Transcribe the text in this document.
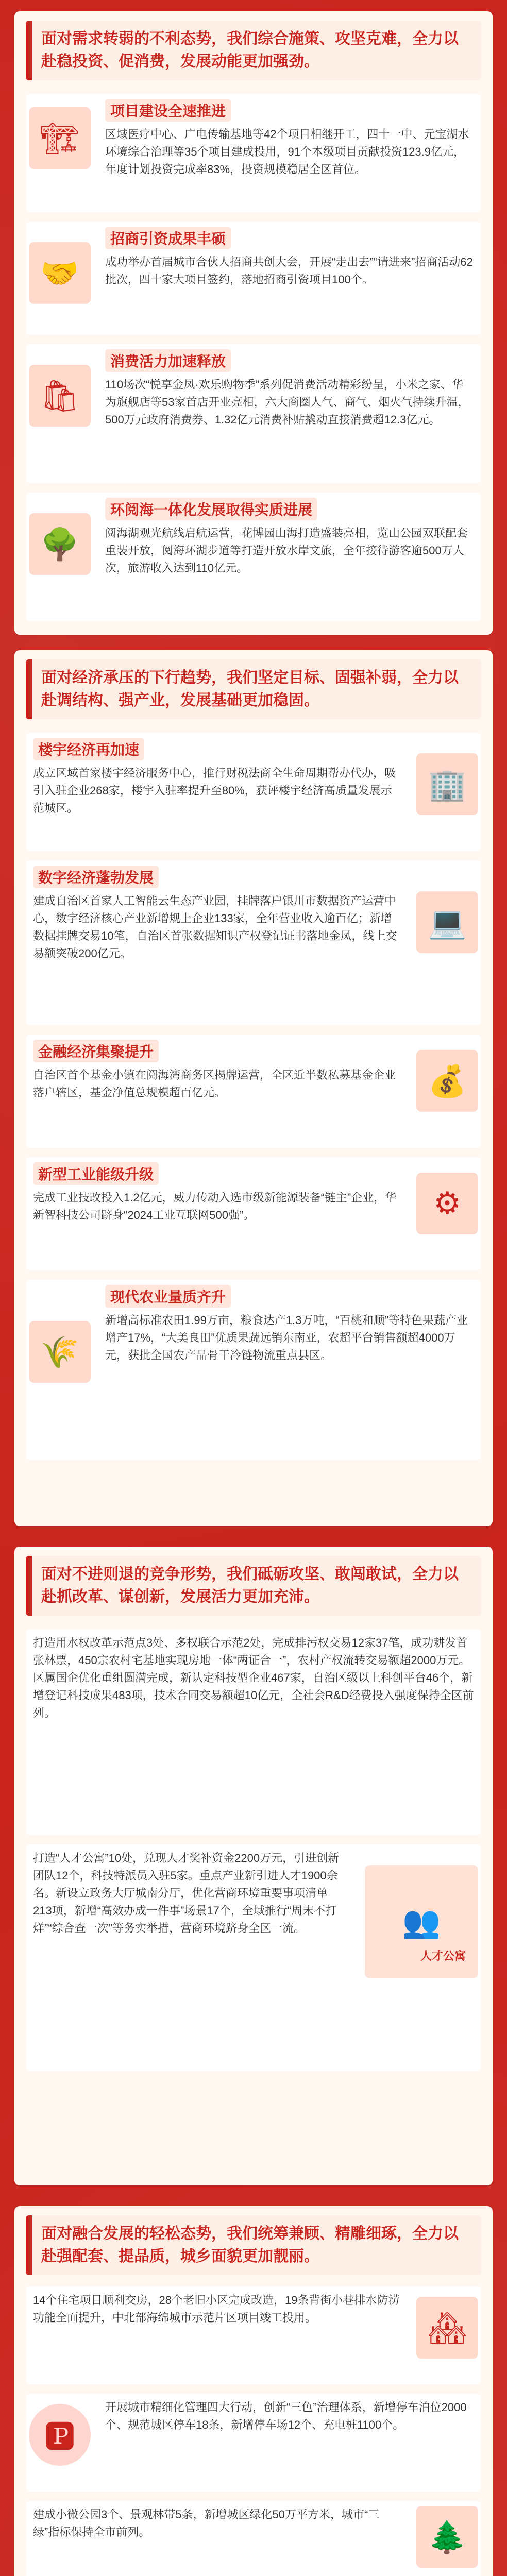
面对需求转弱的不利态势，我们综合施策、攻坚克难，全力以赴稳投资、促消费，发展动能更加强劲。
🏗
项目建设全速推进
区域医疗中心、广电传输基地等42个项目相继开工，四十一中、元宝湖水环境综合治理等35个项目建成投用，91个本级项目贡献投资123.9亿元，年度计划投资完成率83%，投资规模稳居全区首位。
🤝
招商引资成果丰硕
成功举办首届城市合伙人招商共创大会，开展“走出去”“请进来”招商活动62批次，四十家大项目签约，落地招商引资项目100个。
🛍
消费活力加速释放
110场次“悦享金凤·欢乐购物季”系列促消费活动精彩纷呈，小米之家、华为旗舰店等53家首店开业亮相，六大商圈人气、商气、烟火气持续升温，500万元政府消费券、1.32亿元消费补贴撬动直接消费超12.3亿元。
🌳
环阅海一体化发展取得实质进展
阅海湖观光航线启航运营，花博园山海打造盛装亮相，览山公园双联配套重装开放，阅海环湖步道等打造开放水岸文旅，全年接待游客逾500万人次，旅游收入达到110亿元。
面对经济承压的下行趋势，我们坚定目标、固强补弱，全力以赴调结构、强产业，发展基础更加稳固。
🏢
楼宇经济再加速
成立区域首家楼宇经济服务中心，推行财税法商全生命周期帮办代办，吸引入驻企业268家，楼宇入驻率提升至80%，获评楼宇经济高质量发展示范城区。
💻
数字经济蓬勃发展
建成自治区首家人工智能云生态产业园，挂牌落户银川市数据资产运营中心，数字经济核心产业新增规上企业133家，全年营业收入逾百亿；新增数据挂牌交易10笔，自治区首张数据知识产权登记证书落地金凤，线上交易额突破200亿元。
💰
金融经济集聚提升
自治区首个基金小镇在阅海湾商务区揭牌运营，全区近半数私募基金企业落户辖区，基金净值总规模超百亿元。
⚙
新型工业能级升级
完成工业技改投入1.2亿元，威力传动入选市级新能源装备“链主”企业，华新智科技公司跻身“2024工业互联网500强”。
🌾
现代农业量质齐升
新增高标准农田1.99万亩，粮食达产1.3万吨，“百桃和顺”等特色果蔬产业增产17%，“大美良田”优质果蔬远销东南亚，农超平台销售额超4000万元，获批全国农产品骨干冷链物流重点县区。
面对不进则退的竞争形势，我们砥砺攻坚、敢闯敢试，全力以赴抓改革、谋创新，发展活力更加充沛。
打造用水权改革示范点3处、多权联合示范2处，完成排污权交易12家37笔，成功耕发首张林票，450宗农村宅基地实现房地一体“两证合一”，农村产权流转交易额超2000万元。区属国企优化重组圆满完成，新认定科技型企业467家，自治区级以上科创平台46个，新增登记科技成果483项，技术合同交易额超10亿元，全社会R&D经费投入强度保持全区前列。
👥
人才公寓
打造“人才公寓”10处，兑现人才奖补资金2200万元，引进创新团队12个，科技特派员入驻5家。重点产业新引进人才1900余名。新设立政务大厅城南分厅，优化营商环境重要事项清单213项，新增“高效办成一件事”场景17个，全域推行“周末不打烊”“综合查一次”等务实举措，营商环境跻身全区一流。
面对融合发展的轻松态势，我们统筹兼顾、精雕细琢，全力以赴强配套、提品质，城乡面貌更加靓丽。
🏘
14个住宅项目顺利交房，28个老旧小区完成改造，19条背街小巷排水防涝功能全面提升，中北部海绵城市示范片区项目竣工投用。
🅿
开展城市精细化管理四大行动，创新“三色”治理体系，新增停车泊位2000个、规范城区停车18条，新增停车场12个、充电桩1100个。
🌲
建成小微公园3个、景观林带5条，新增城区绿化50万平方米，城市“三绿”指标保持全市前列。
